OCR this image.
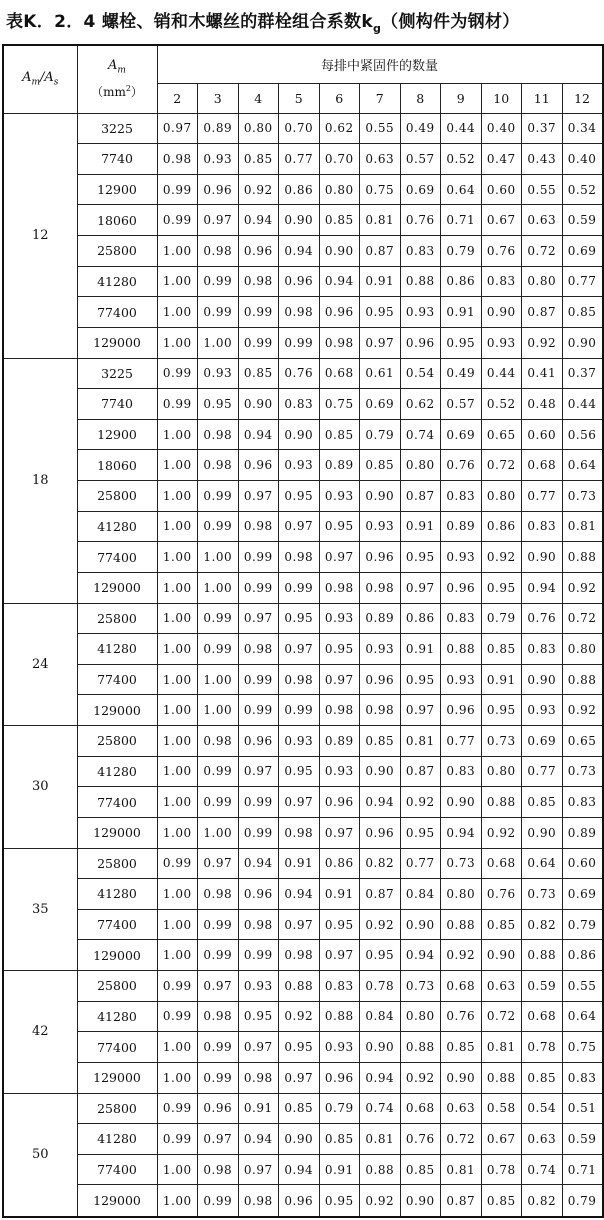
表K．2．4 螺栓、销和木螺丝的群栓组合系数$k_g$（侧构件为钢材）
$A_m/A_s$	$A_m$
$(mm^2)$	每排中紧固件的数量										
		2	3	4	5	6	7	8	9	10	11	12
12	3225	0.97	0.89	0.80	0.70	0.62	0.55	0.49	0.44	0.40	0.37	0.34
	7740	0.98	0.93	0.85	0.77	0.70	0.63	0.57	0.52	0.47	0.43	0.40
	12900	0.99	0.96	0.92	0.86	0.80	0.75	0.69	0.64	0.60	0.55	0.52
	18060	0.99	0.97	0.94	0.90	0.85	0.81	0.76	0.71	0.67	0.63	0.59
	25800	1.00	0.98	0.96	0.94	0.90	0.87	0.83	0.79	0.76	0.72	0.69
	41280	1.00	0.99	0.98	0.96	0.94	0.91	0.88	0.86	0.83	0.80	0.77
	77400	1.00	0.99	0.99	0.98	0.96	0.95	0.93	0.91	0.90	0.87	0.85
	129000	1.00	1.00	0.99	0.99	0.98	0.97	0.96	0.95	0.93	0.92	0.90
18	3225	0.99	0.93	0.85	0.76	0.68	0.61	0.54	0.49	0.44	0.41	0.37
	7740	0.99	0.95	0.90	0.83	0.75	0.69	0.62	0.57	0.52	0.48	0.44
	12900	1.00	0.98	0.94	0.90	0.85	0.79	0.74	0.69	0.65	0.60	0.56
	18060	1.00	0.98	0.96	0.93	0.89	0.85	0.80	0.76	0.72	0.68	0.64
	25800	1.00	0.99	0.97	0.95	0.93	0.90	0.87	0.83	0.80	0.77	0.73
	41280	1.00	0.99	0.98	0.97	0.95	0.93	0.91	0.89	0.86	0.83	0.81
	77400	1.00	1.00	0.99	0.98	0.97	0.96	0.95	0.93	0.92	0.90	0.88
	129000	1.00	1.00	0.99	0.99	0.98	0.98	0.97	0.96	0.95	0.94	0.92
24	25800	1.00	0.99	0.97	0.95	0.93	0.89	0.86	0.83	0.79	0.76	0.72
	41280	1.00	0.99	0.98	0.97	0.95	0.93	0.91	0.88	0.85	0.83	0.80
	77400	1.00	1.00	0.99	0.98	0.97	0.96	0.95	0.93	0.91	0.90	0.88
	129000	1.00	1.00	0.99	0.99	0.98	0.98	0.97	0.96	0.95	0.93	0.92
30	25800	1.00	0.98	0.96	0.93	0.89	0.85	0.81	0.77	0.73	0.69	0.65
	41280	1.00	0.99	0.97	0.95	0.93	0.90	0.87	0.83	0.80	0.77	0.73
	77400	1.00	0.99	0.99	0.97	0.96	0.94	0.92	0.90	0.88	0.85	0.83
	129000	1.00	1.00	0.99	0.98	0.97	0.96	0.95	0.94	0.92	0.90	0.89
35	25800	0.99	0.97	0.94	0.91	0.86	0.82	0.77	0.73	0.68	0.64	0.60
	41280	1.00	0.98	0.96	0.94	0.91	0.87	0.84	0.80	0.76	0.73	0.69
	77400	1.00	0.99	0.98	0.97	0.95	0.92	0.90	0.88	0.85	0.82	0.79
	129000	1.00	0.99	0.99	0.98	0.97	0.95	0.94	0.92	0.90	0.88	0.86
42	25800	0.99	0.97	0.93	0.88	0.83	0.78	0.73	0.68	0.63	0.59	0.55
	41280	0.99	0.98	0.95	0.92	0.88	0.84	0.80	0.76	0.72	0.68	0.64
	77400	1.00	0.99	0.97	0.95	0.93	0.90	0.88	0.85	0.81	0.78	0.75
	129000	1.00	0.99	0.98	0.97	0.96	0.94	0.92	0.90	0.88	0.85	0.83
50	25800	0.99	0.96	0.91	0.85	0.79	0.74	0.68	0.63	0.58	0.54	0.51
	41280	0.99	0.97	0.94	0.90	0.85	0.81	0.76	0.72	0.67	0.63	0.59
	77400	1.00	0.98	0.97	0.94	0.91	0.88	0.85	0.81	0.78	0.74	0.71
	129000	1.00	0.99	0.98	0.96	0.95	0.92	0.90	0.87	0.85	0.82	0.79
